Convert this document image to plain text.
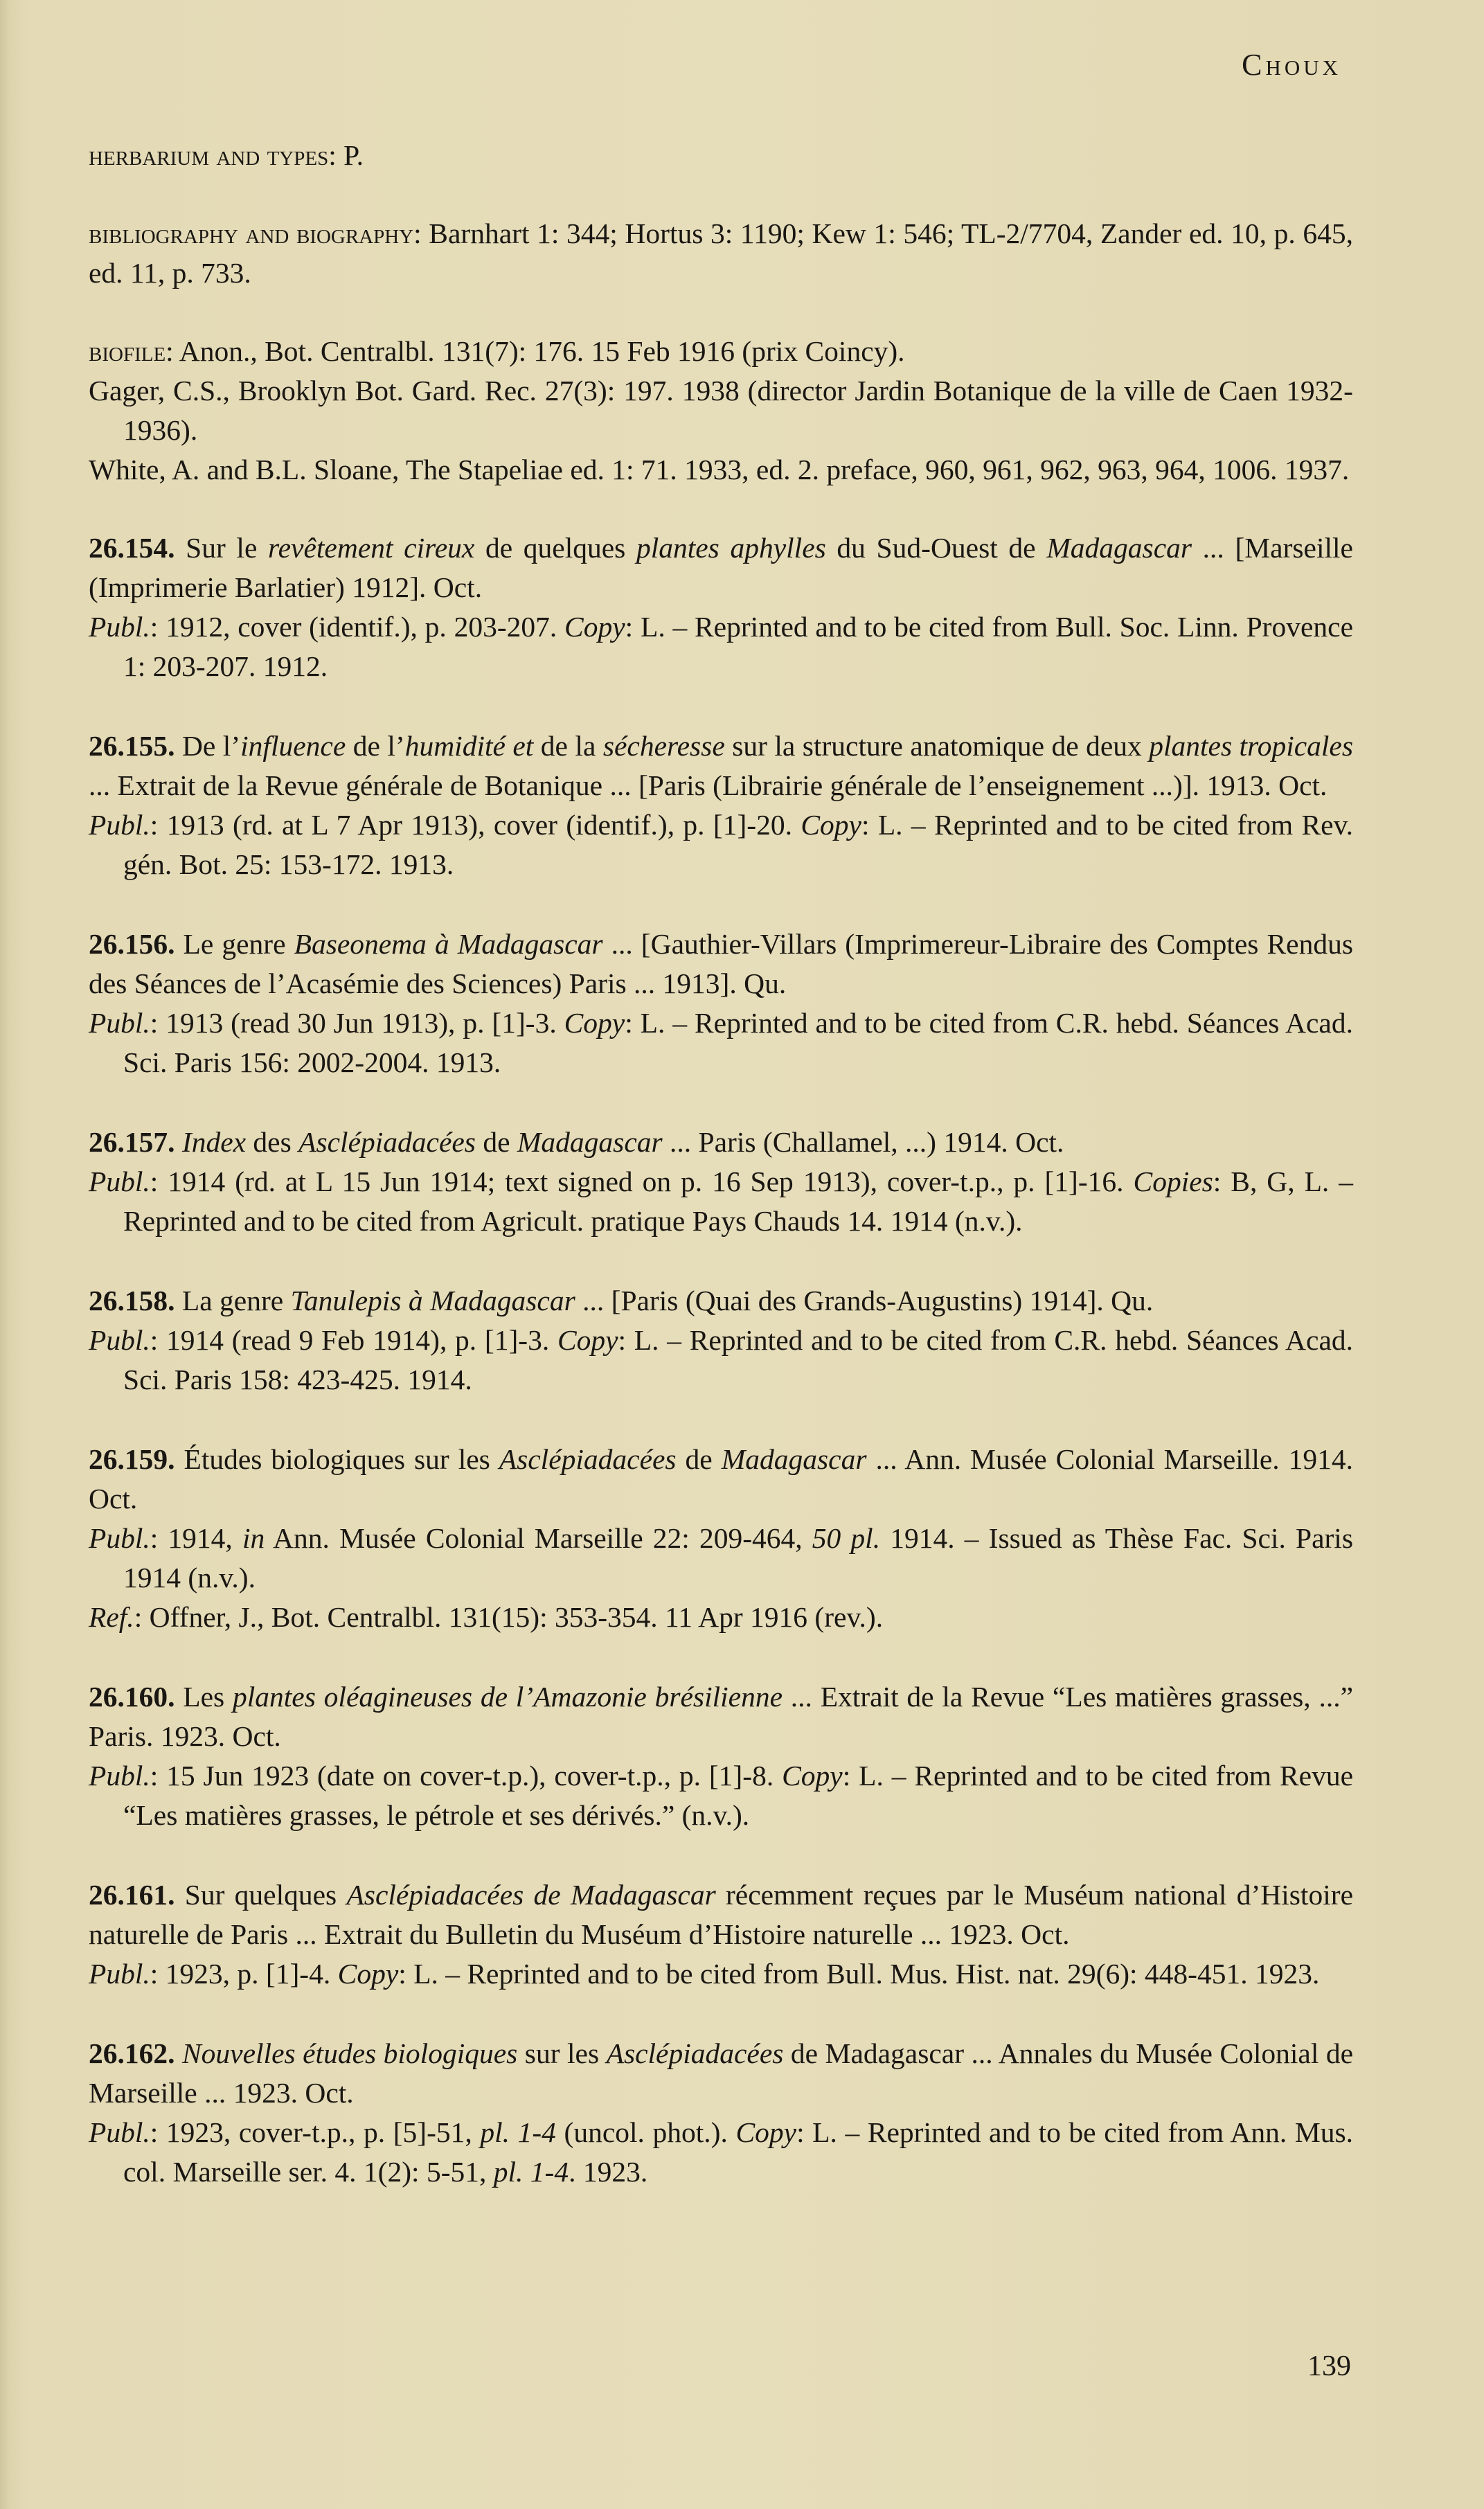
Choux
herbarium and types: P.
bibliography and biography: Barnhart 1: 344; Hortus 3: 1190; Kew 1: 546; TL-2/7704, Zander ed. 10, p. 645, ed. 11, p. 733.
biofile: Anon., Bot. Centralbl. 131(7): 176. 15 Feb 1916 (prix Coincy).
Gager, C.S., Brooklyn Bot. Gard. Rec. 27(3): 197. 1938 (director Jardin Botanique de la ville de Caen 1932-1936).
White, A. and B.L. Sloane, The Stapeliae ed. 1: 71. 1933, ed. 2. preface, 960, 961, 962, 963, 964, 1006. 1937.
26.154. Sur le revêtement cireux de quelques plantes aphylles du Sud-Ouest de Madagascar ... [Marseille (Imprimerie Barlatier) 1912]. Oct.
Publ.: 1912, cover (identif.), p. 203-207. Copy: L. – Reprinted and to be cited from Bull. Soc. Linn. Provence 1: 203-207. 1912.
26.155. De l’influence de l’humidité et de la sécheresse sur la structure anatomique de deux plantes tropicales ... Extrait de la Revue générale de Botanique ... [Paris (Librairie générale de l’enseignement ...)]. 1913. Oct.
Publ.: 1913 (rd. at L 7 Apr 1913), cover (identif.), p. [1]-20. Copy: L. – Reprinted and to be cited from Rev. gén. Bot. 25: 153-172. 1913.
26.156. Le genre Baseonema à Madagascar ... [Gauthier-Villars (Imprimereur-Libraire des Comptes Rendus des Séances de l’Acasémie des Sciences) Paris ... 1913]. Qu.
Publ.: 1913 (read 30 Jun 1913), p. [1]-3. Copy: L. – Reprinted and to be cited from C.R. hebd. Séances Acad. Sci. Paris 156: 2002-2004. 1913.
26.157. Index des Asclépiadacées de Madagascar ... Paris (Challamel, ...) 1914. Oct.
Publ.: 1914 (rd. at L 15 Jun 1914; text signed on p. 16 Sep 1913), cover-t.p., p. [1]-16. Copies: B, G, L. – Reprinted and to be cited from Agricult. pratique Pays Chauds 14. 1914 (n.v.).
26.158. La genre Tanulepis à Madagascar ... [Paris (Quai des Grands-Augustins) 1914]. Qu.
Publ.: 1914 (read 9 Feb 1914), p. [1]-3. Copy: L. – Reprinted and to be cited from C.R. hebd. Séances Acad. Sci. Paris 158: 423-425. 1914.
26.159. Études biologiques sur les Asclépiadacées de Madagascar ... Ann. Musée Colonial Marseille. 1914. Oct.
Publ.: 1914, in Ann. Musée Colonial Marseille 22: 209-464, 50 pl. 1914. – Issued as Thèse Fac. Sci. Paris 1914 (n.v.).
Ref.: Offner, J., Bot. Centralbl. 131(15): 353-354. 11 Apr 1916 (rev.).
26.160. Les plantes oléagineuses de l’Amazonie brésilienne ... Extrait de la Revue “Les matières grasses, ...” Paris. 1923. Oct.
Publ.: 15 Jun 1923 (date on cover-t.p.), cover-t.p., p. [1]-8. Copy: L. – Reprinted and to be cited from Revue “Les matières grasses, le pétrole et ses dérivés.” (n.v.).
26.161. Sur quelques Asclépiadacées de Madagascar récemment reçues par le Muséum national d’Histoire naturelle de Paris ... Extrait du Bulletin du Muséum d’Histoire naturelle ... 1923. Oct.
Publ.: 1923, p. [1]-4. Copy: L. – Reprinted and to be cited from Bull. Mus. Hist. nat. 29(6): 448-451. 1923.
26.162. Nouvelles études biologiques sur les Asclépiadacées de Madagascar ... Annales du Musée Colonial de Marseille ... 1923. Oct.
Publ.: 1923, cover-t.p., p. [5]-51, pl. 1-4 (uncol. phot.). Copy: L. – Reprinted and to be cited from Ann. Mus. col. Marseille ser. 4. 1(2): 5-51, pl. 1-4. 1923.
139
